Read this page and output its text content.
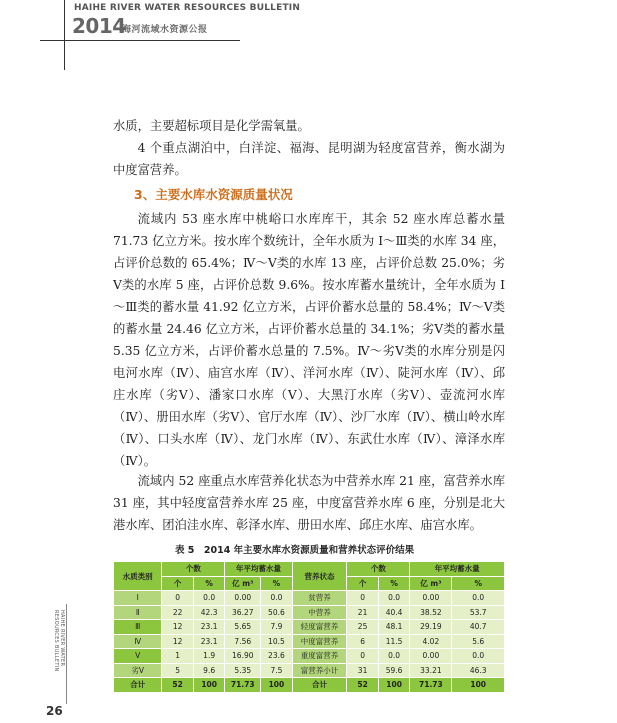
HAIHE RIVER WATER RESOURCES BULLETIN
2014
海河流域水资源公报

水质，主要超标项目是化学需氧量。

4 个重点湖泊中，白洋淀、福海、昆明湖为轻度富营养，衡水湖为中度富营养。

3、主要水库水资源质量状况

流域内 53 座水库中桃峪口水库库干，其余 52 座水库总蓄水量 71.73 亿立方米。按水库个数统计，全年水质为 Ⅰ～Ⅲ类的水库 34 座，占评价总数的 65.4%；Ⅳ～Ⅴ类的水库 13 座，占评价总数 25.0%；劣Ⅴ类的水库 5 座，占评价总数 9.6%。按水库蓄水量统计，全年水质为 Ⅰ～Ⅲ类的蓄水量 41.92 亿立方米，占评价蓄水总量的 58.4%；Ⅳ～Ⅴ类的蓄水量 24.46 亿立方米，占评价蓄水总量的 34.1%；劣Ⅴ类的蓄水量 5.35 亿立方米，占评价蓄水总量的 7.5%。Ⅳ～劣Ⅴ类的水库分别是闪电河水库（Ⅳ）、庙宫水库（Ⅳ）、洋河水库（Ⅳ）、陡河水库（Ⅳ）、邱庄水库（劣Ⅴ）、潘家口水库（Ⅴ）、大黑汀水库（劣Ⅴ）、壶流河水库（Ⅳ）、册田水库（劣Ⅴ）、官厅水库（Ⅳ）、沙厂水库（Ⅳ）、横山岭水库（Ⅳ）、口头水库（Ⅳ）、龙门水库（Ⅳ）、东武仕水库（Ⅳ）、漳泽水库（Ⅳ）。

流域内 52 座重点水库营养化状态为中营养水库 21 座，富营养水库 31 座，其中轻度富营养水库 25 座，中度富营养水库 6 座，分别是北大港水库、团泊洼水库、彰泽水库、册田水库、邱庄水库、庙宫水库。

表 5　2014 年主要水库水资源质量和营养状态评价结果
水质类别	个数		年平均蓄水量		营养状态	个数		年平均蓄水量	
	个	%	亿 m³	%		个	%	亿 m³	%
Ⅰ	0	0.0	0.00	0.0	贫营养	0	0.0	0.00	0.0
Ⅱ	22	42.3	36.27	50.6	中营养	21	40.4	38.52	53.7
Ⅲ	12	23.1	5.65	7.9	轻度富营养	25	48.1	29.19	40.7
Ⅳ	12	23.1	7.56	10.5	中度富营养	6	11.5	4.02	5.6
Ⅴ	1	1.9	16.90	23.6	重度富营养	0	0.0	0.00	0.0
劣Ⅴ	5	9.6	5.35	7.5	富营养小计	31	59.6	33.21	46.3
合计	52	100	71.73	100	合计	52	100	71.73	100
HAIHE RIVER WATER RESOURCES BULLETIN
26
